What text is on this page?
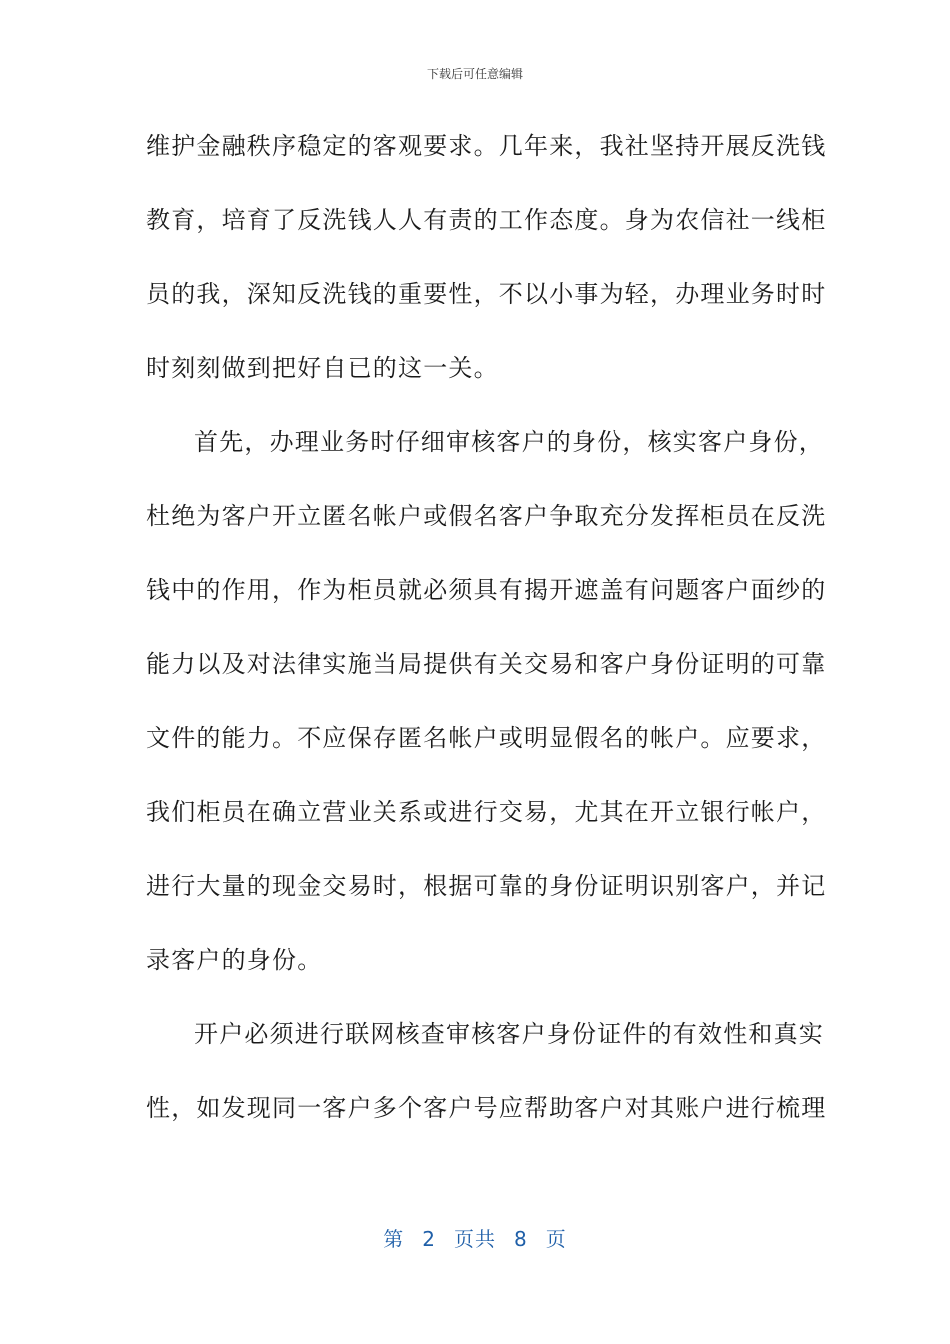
下载后可任意编辑
维护金融秩序稳定的客观要求。几年来，我社坚持开展反洗钱
教育，培育了反洗钱人人有责的工作态度。身为农信社一线柜
员的我，深知反洗钱的重要性，不以小事为轻，办理业务时时
时刻刻做到把好自已的这一关。
首先，办理业务时仔细审核客户的身份，核实客户身份，
杜绝为客户开立匿名帐户或假名客户争取充分发挥柜员在反洗
钱中的作用，作为柜员就必须具有揭开遮盖有问题客户面纱的
能力以及对法律实施当局提供有关交易和客户身份证明的可靠
文件的能力。不应保存匿名帐户或明显假名的帐户。应要求，
我们柜员在确立营业关系或进行交易，尤其在开立银行帐户，
进行大量的现金交易时，根据可靠的身份证明识别客户，并记
录客户的身份。
开户必须进行联网核查审核客户身份证件的有效性和真实
性，如发现同一客户多个客户号应帮助客户对其账户进行梳理
第 2 页共 8 页
